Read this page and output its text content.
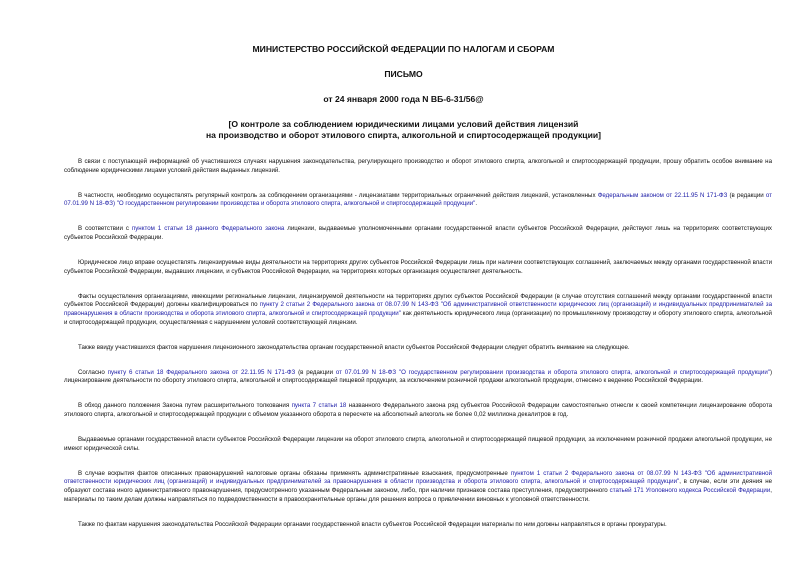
МИНИСТЕРСТВО РОССИЙСКОЙ ФЕДЕРАЦИИ ПО НАЛОГАМ И СБОРАМ

ПИСЬМО

от 24 января 2000 года N ВБ-6-31/56@

[О контроле за соблюдением юридическими лицами условий действия лицензий

на производство и оборот этилового спирта, алкогольной и спиртосодержащей продукции]

В связи с поступающей информацией об участившихся случаях нарушения законодательства, регулирующего производство и оборот этилового спирта, алкогольной и спиртосодержащей продукции, прошу обратить особое внимание на соблюдение юридическими лицами условий действия выданных лицензий.

В частности, необходимо осуществлять регулярный контроль за соблюдением организациями - лицензиатами территориальных ограничений действия лицензий, установленных Федеральным законом от 22.11.95 N 171-ФЗ (в редакции от 07.01.99 N 18-ФЗ) "О государственном регулировании производства и оборота этилового спирта, алкогольной и спиртосодержащей продукции".

В соответствии с пунктом 1 статьи 18 данного Федерального закона лицензии, выдаваемые уполномоченными органами государственной власти субъектов Российской Федерации, действуют лишь на территориях соответствующих субъектов Российской Федерации.

Юридическое лицо вправе осуществлять лицензируемые виды деятельности на территориях других субъектов Российской Федерации лишь при наличии соответствующих соглашений, заключаемых между органами государственной власти субъектов Российской Федерации, выдавших лицензии, и субъектов Российской Федерации, на территориях которых организация осуществляет деятельность.

Факты осуществления организациями, имеющими региональные лицензии, лицензируемой деятельности на территориях других субъектов Российской Федерации (в случае отсутствия соглашений между органами государственной власти субъектов Российской Федерации) должны квалифицироваться по пункту 2 статьи 2 Федерального закона от 08.07.99 N 143-ФЗ "Об административной ответственности юридических лиц (организаций) и индивидуальных предпринимателей за правонарушения в области производства и оборота этилового спирта, алкогольной и спиртосодержащей продукции" как деятельность юридического лица (организации) по промышленному производству и обороту этилового спирта, алкогольной и спиртосодержащей продукции, осуществляемая с нарушением условий соответствующей лицензии.

Также ввиду участившихся фактов нарушения лицензионного законодательства органам государственной власти субъектов Российской Федерации следует обратить внимание на следующее.

Согласно пункту 6 статьи 18 Федерального закона от 22.11.95 N 171-ФЗ (в редакции от 07.01.99 N 18-ФЗ "О государственном регулировании производства и оборота этилового спирта, алкогольной и спиртосодержащей продукции") лицензирование деятельности по обороту этилового спирта, алкогольной и спиртосодержащей пищевой продукции, за исключением розничной продажи алкогольной продукции, отнесено к ведению Российской Федерации.

В обход данного положения Закона путем расширительного толкования пункта 7 статьи 18 названного Федерального закона ряд субъектов Российской Федерации самостоятельно отнесли к своей компетенции лицензирование оборота этилового спирта, алкогольной и спиртосодержащей продукции с объемом указанного оборота в пересчете на абсолютный алкоголь не более 0,02 миллиона декалитров в год.

Выдаваемые органами государственной власти субъектов Российской Федерации лицензии на оборот этилового спирта, алкогольной и спиртосодержащей пищевой продукции, за исключением розничной продажи алкогольной продукции, не имеют юридической силы.

В случае вскрытия фактов описанных правонарушений налоговые органы обязаны применять административные взыскания, предусмотренные пунктом 1 статьи 2 Федерального закона от 08.07.99 N 143-ФЗ "Об административной ответственности юридических лиц (организаций) и индивидуальных предпринимателей за правонарушения в области производства и оборота этилового спирта, алкогольной и спиртосодержащей продукции", в случае, если эти деяния не образуют состава иного административного правонарушения, предусмотренного указанным Федеральным законом, либо, при наличии признаков состава преступления, предусмотренного статьей 171 Уголовного кодекса Российской Федерации, материалы по таким делам должны направляться по подведомственности в правоохранительные органы для решения вопроса о привлечении виновных к уголовной ответственности.

Также по фактам нарушения законодательства Российской Федерации органами государственной власти субъектов Российской Федерации материалы по ним должны направляться в органы прокуратуры.
